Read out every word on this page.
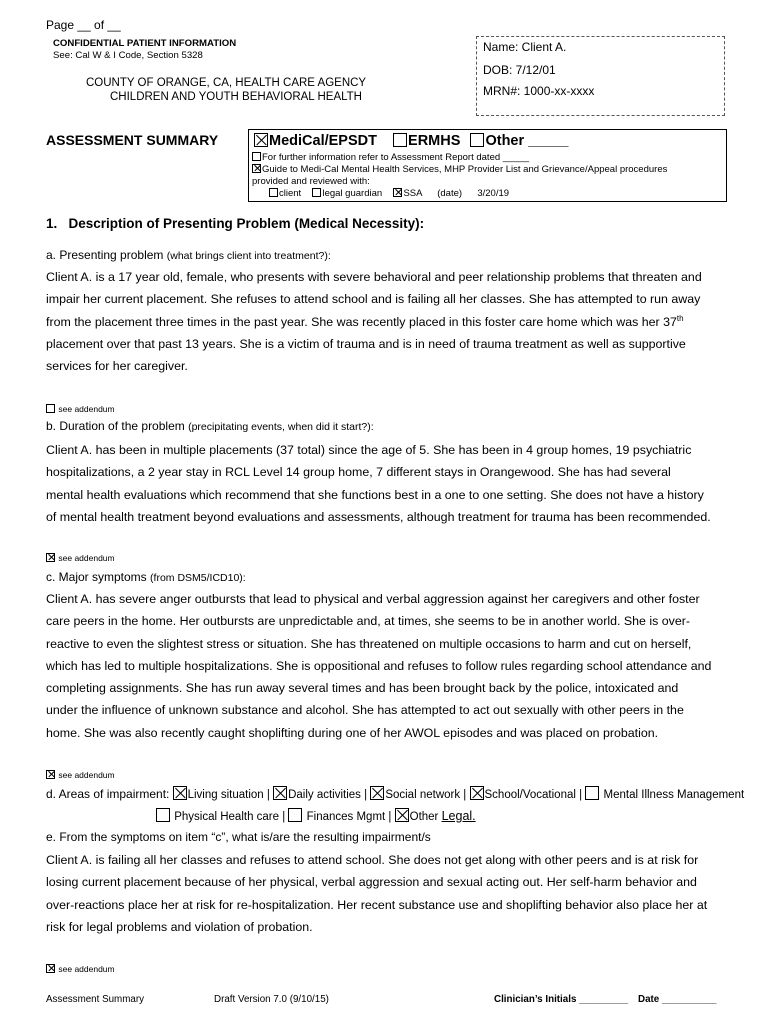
Page __ of __
CONFIDENTIAL PATIENT INFORMATION
See: Cal W & I Code, Section 5328
COUNTY OF ORANGE, CA, HEALTH CARE AGENCY
CHILDREN AND YOUTH BEHAVIORAL HEALTH
Name: Client A.
DOB: 7/12/01
MRN#: 1000-xx-xxxx
ASSESSMENT SUMMARY	MediCal/EPSDT ERMHS Other _____
For further information refer to Assessment Report dated _____
Guide to Medi-Cal Mental Health Services, MHP Provider List and Grievance/Appeal procedures
provided and reviewed with:
client legal guardian SSA (date) 3/20/19
1. Description of Presenting Problem (Medical Necessity):
a. Presenting problem (what brings client into treatment?):
Client A. is a 17 year old, female, who presents with severe behavioral and peer relationship problems that threaten and
impair her current placement. She refuses to attend school and is failing all her classes. She has attempted to run away
from the placement three times in the past year. She was recently placed in this foster care home which was her 37th
placement over that past 13 years. She is a victim of trauma and is in need of trauma treatment as well as supportive
services for her caregiver.
see addendum
b. Duration of the problem (precipitating events, when did it start?):
Client A. has been in multiple placements (37 total) since the age of 5. She has been in 4 group homes, 19 psychiatric
hospitalizations, a 2 year stay in RCL Level 14 group home, 7 different stays in Orangewood. She has had several
mental health evaluations which recommend that she functions best in a one to one setting. She does not have a history
of mental health treatment beyond evaluations and assessments, although treatment for trauma has been recommended.
see addendum
c. Major symptoms (from DSM5/ICD10):
Client A. has severe anger outbursts that lead to physical and verbal aggression against her caregivers and other foster
care peers in the home. Her outbursts are unpredictable and, at times, she seems to be in another world. She is over-
reactive to even the slightest stress or situation. She has threatened on multiple occasions to harm and cut on herself,
which has led to multiple hospitalizations. She is oppositional and refuses to follow rules regarding school attendance and
completing assignments. She has run away several times and has been brought back by the police, intoxicated and
under the influence of unknown substance and alcohol. She has attempted to act out sexually with other peers in the
home. She was also recently caught shoplifting during one of her AWOL episodes and was placed on probation.
see addendum
d. Areas of impairment: Living situation | Daily activities | Social network | School/Vocational |  Mental Illness Management
Physical Health care |  Finances Mgmt | Other Legal.
e. From the symptoms on item “c”, what is/are the resulting impairment/s
Client A. is failing all her classes and refuses to attend school. She does not get along with other peers and is at risk for
losing current placement because of her physical, verbal aggression and sexual acting out. Her self-harm behavior and
over-reactions place her at risk for re-hospitalization. Her recent substance use and shoplifting behavior also place her at
risk for legal problems and violation of probation.
see addendum
Assessment Summary	Draft Version 7.0 (9/10/15)	Clinician’s Initials _________ Date __________
